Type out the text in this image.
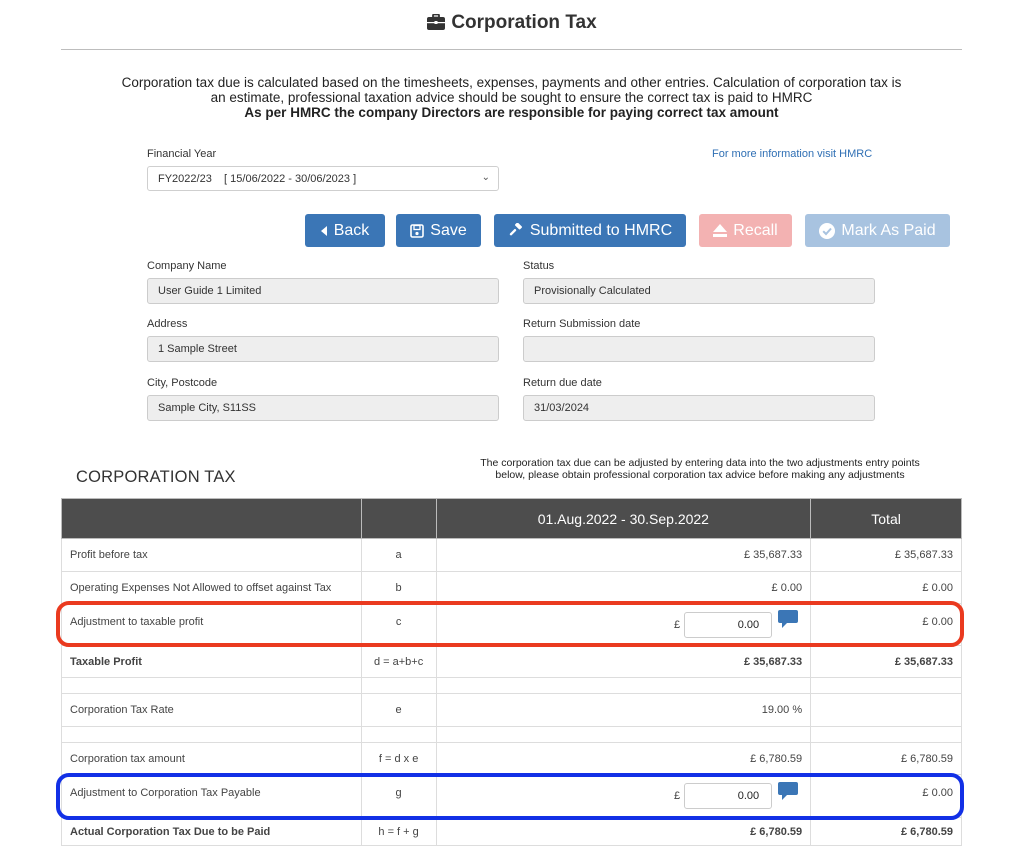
Corporation Tax
Corporation tax due is calculated based on the timesheets, expenses, payments and other entries. Calculation of corporation tax is
an estimate, professional taxation advice should be sought to ensure the correct tax is paid to HMRC
As per HMRC the company Directors are responsible for paying correct tax amount
Financial Year	For more information visit HMRC
FY2022/23    [ 15/06/2022 - 30/06/2023 ]	⌄
Back	Save	Submitted to HMRC	Recall	Mark As Paid
Company Name
User Guide 1 Limited
Status
Provisionally Calculated
Address
1 Sample Street
Return Submission date
City, Postcode
Sample City, S11SS
Return due date
31/03/2024
CORPORATION TAX
The corporation tax due can be adjusted by entering data into the two adjustments entry points
below, please obtain professional corporation tax advice before making any adjustments
		01.Aug.2022 - 30.Sep.2022	Total
Profit before tax	a	£ 35,687.33	£ 35,687.33
Operating Expenses Not Allowed to offset against Tax	b	£ 0.00	£ 0.00
Adjustment to taxable profit	c	£ 0.00	£ 0.00
Taxable Profit	d = a+b+c	£ 35,687.33	£ 35,687.33

Corporation Tax Rate	e	19.00 %	

Corporation tax amount	f = d x e	£ 6,780.59	£ 6,780.59
Adjustment to Corporation Tax Payable	g	£ 0.00	£ 0.00
Actual Corporation Tax Due to be Paid	h = f + g	£ 6,780.59	£ 6,780.59
